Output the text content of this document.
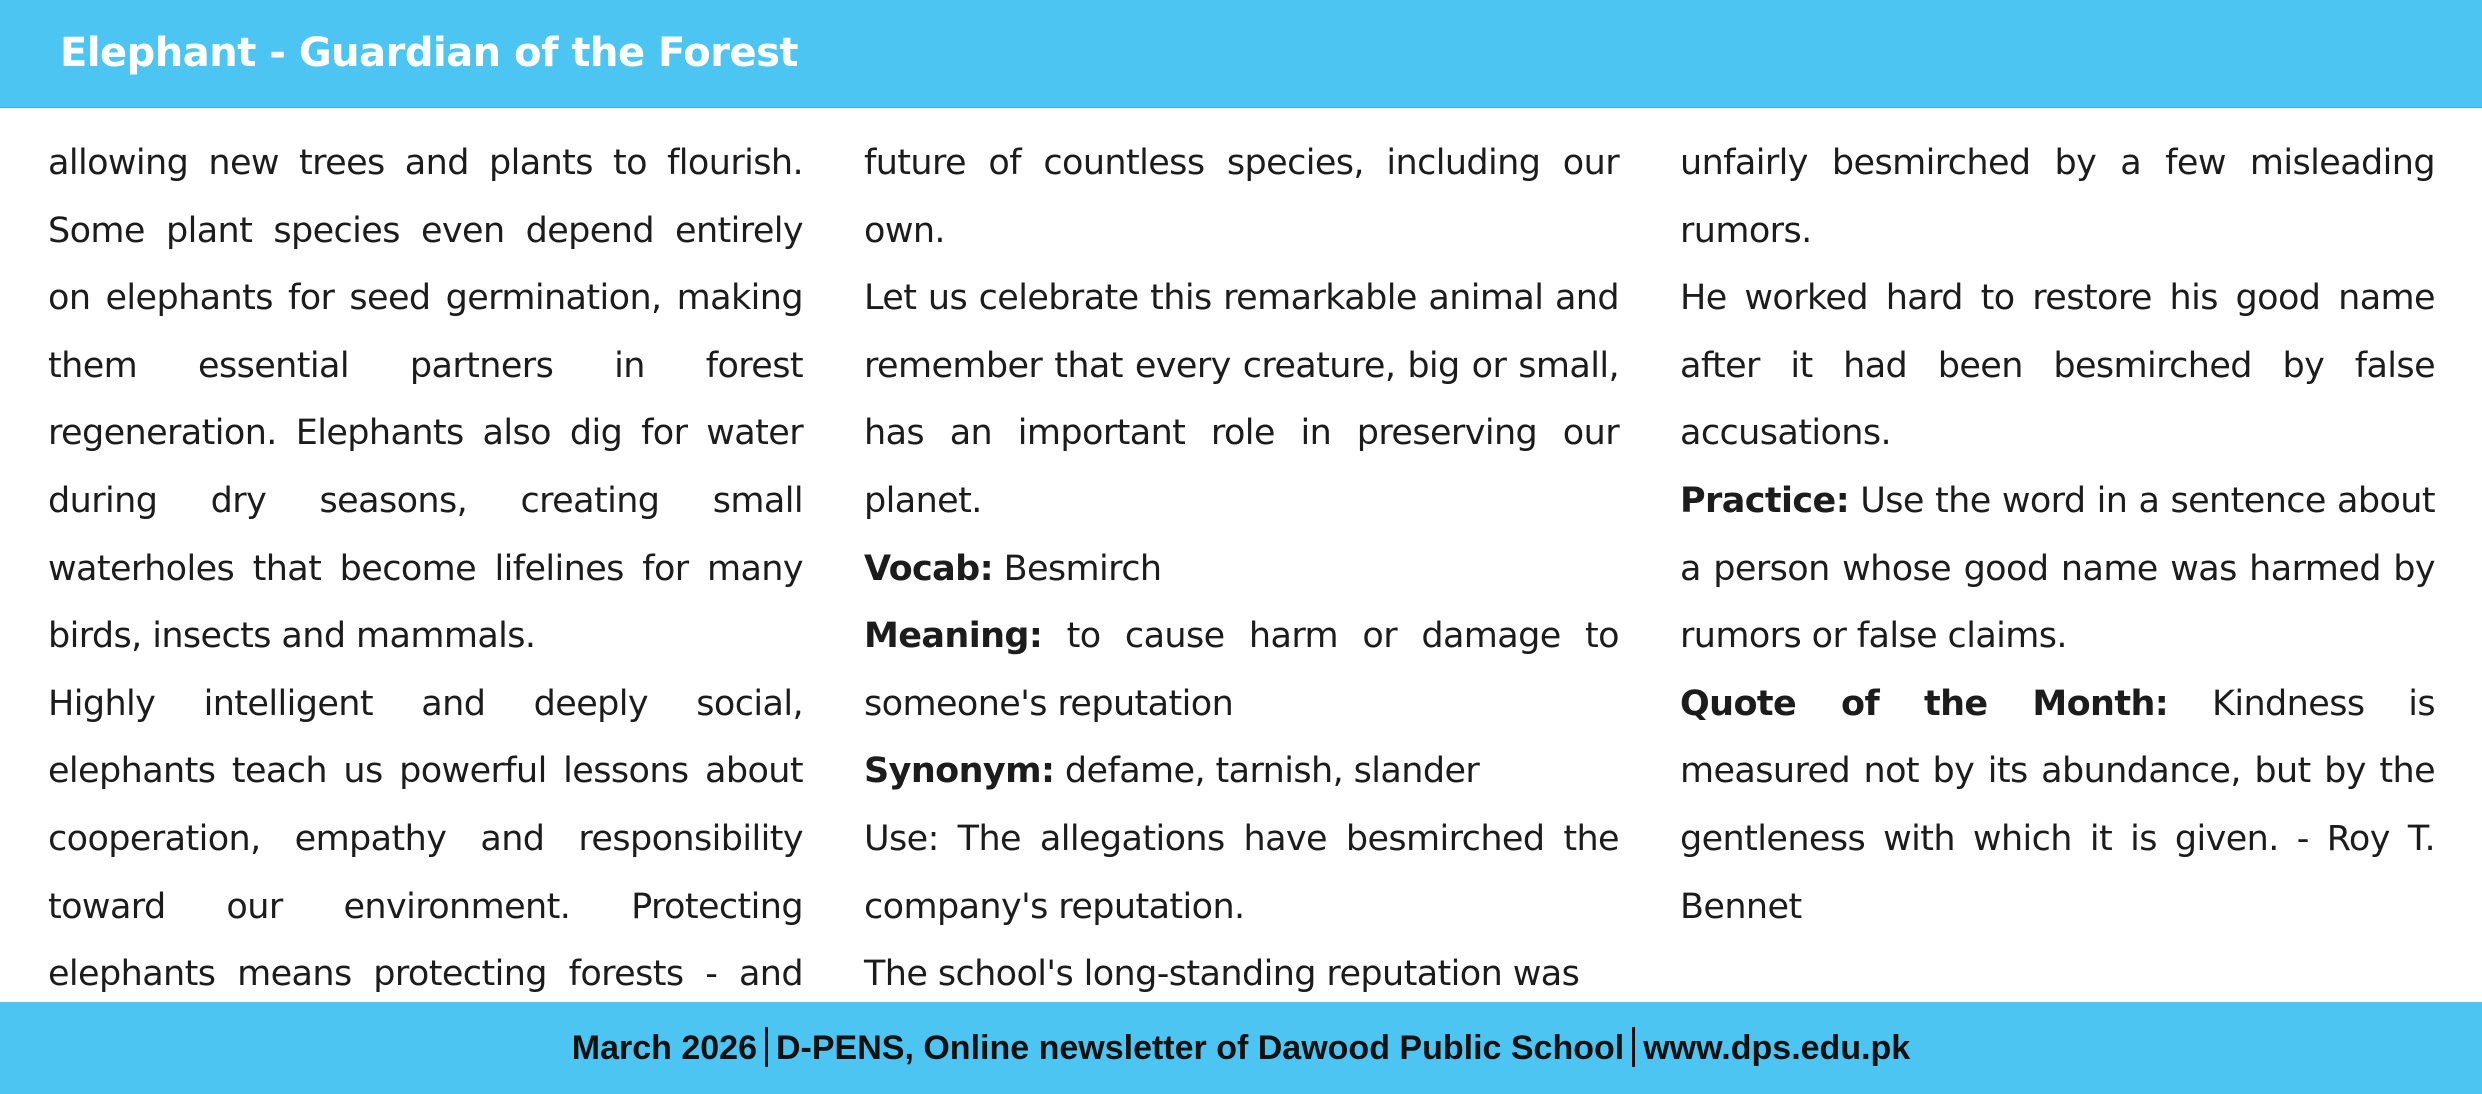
Elephant - Guardian of the Forest

allowing new trees and plants to flourish. Some plant species even depend entirely on elephants for seed germination, making them essential partners in forest regeneration. Elephants also dig for water during dry seasons, creating small waterholes that become lifelines for many birds, insects and mammals.

Highly intelligent and deeply social, elephants teach us powerful lessons about cooperation, empathy and responsibility toward our environment. Protecting elephants means protecting forests - and

future of countless species, including our own.

Let us celebrate this remarkable animal and remember that every creature, big or small, has an important role in preserving our planet.

Vocab: Besmirch

Meaning: to cause harm or damage to someone's reputation

Synonym: defame, tarnish, slander

Use: The allegations have besmirched the company's reputation.

The school's long-standing reputation was

unfairly besmirched by a few misleading rumors.

He worked hard to restore his good name after it had been besmirched by false accusations.

Practice: Use the word in a sentence about a person whose good name was harmed by rumors or false claims.

Quote of the Month: Kindness is measured not by its abundance, but by the gentleness with which it is given. - Roy T. Bennet

March 2026 D-PENS, Online newsletter of Dawood Public School www.dps.edu.pk
